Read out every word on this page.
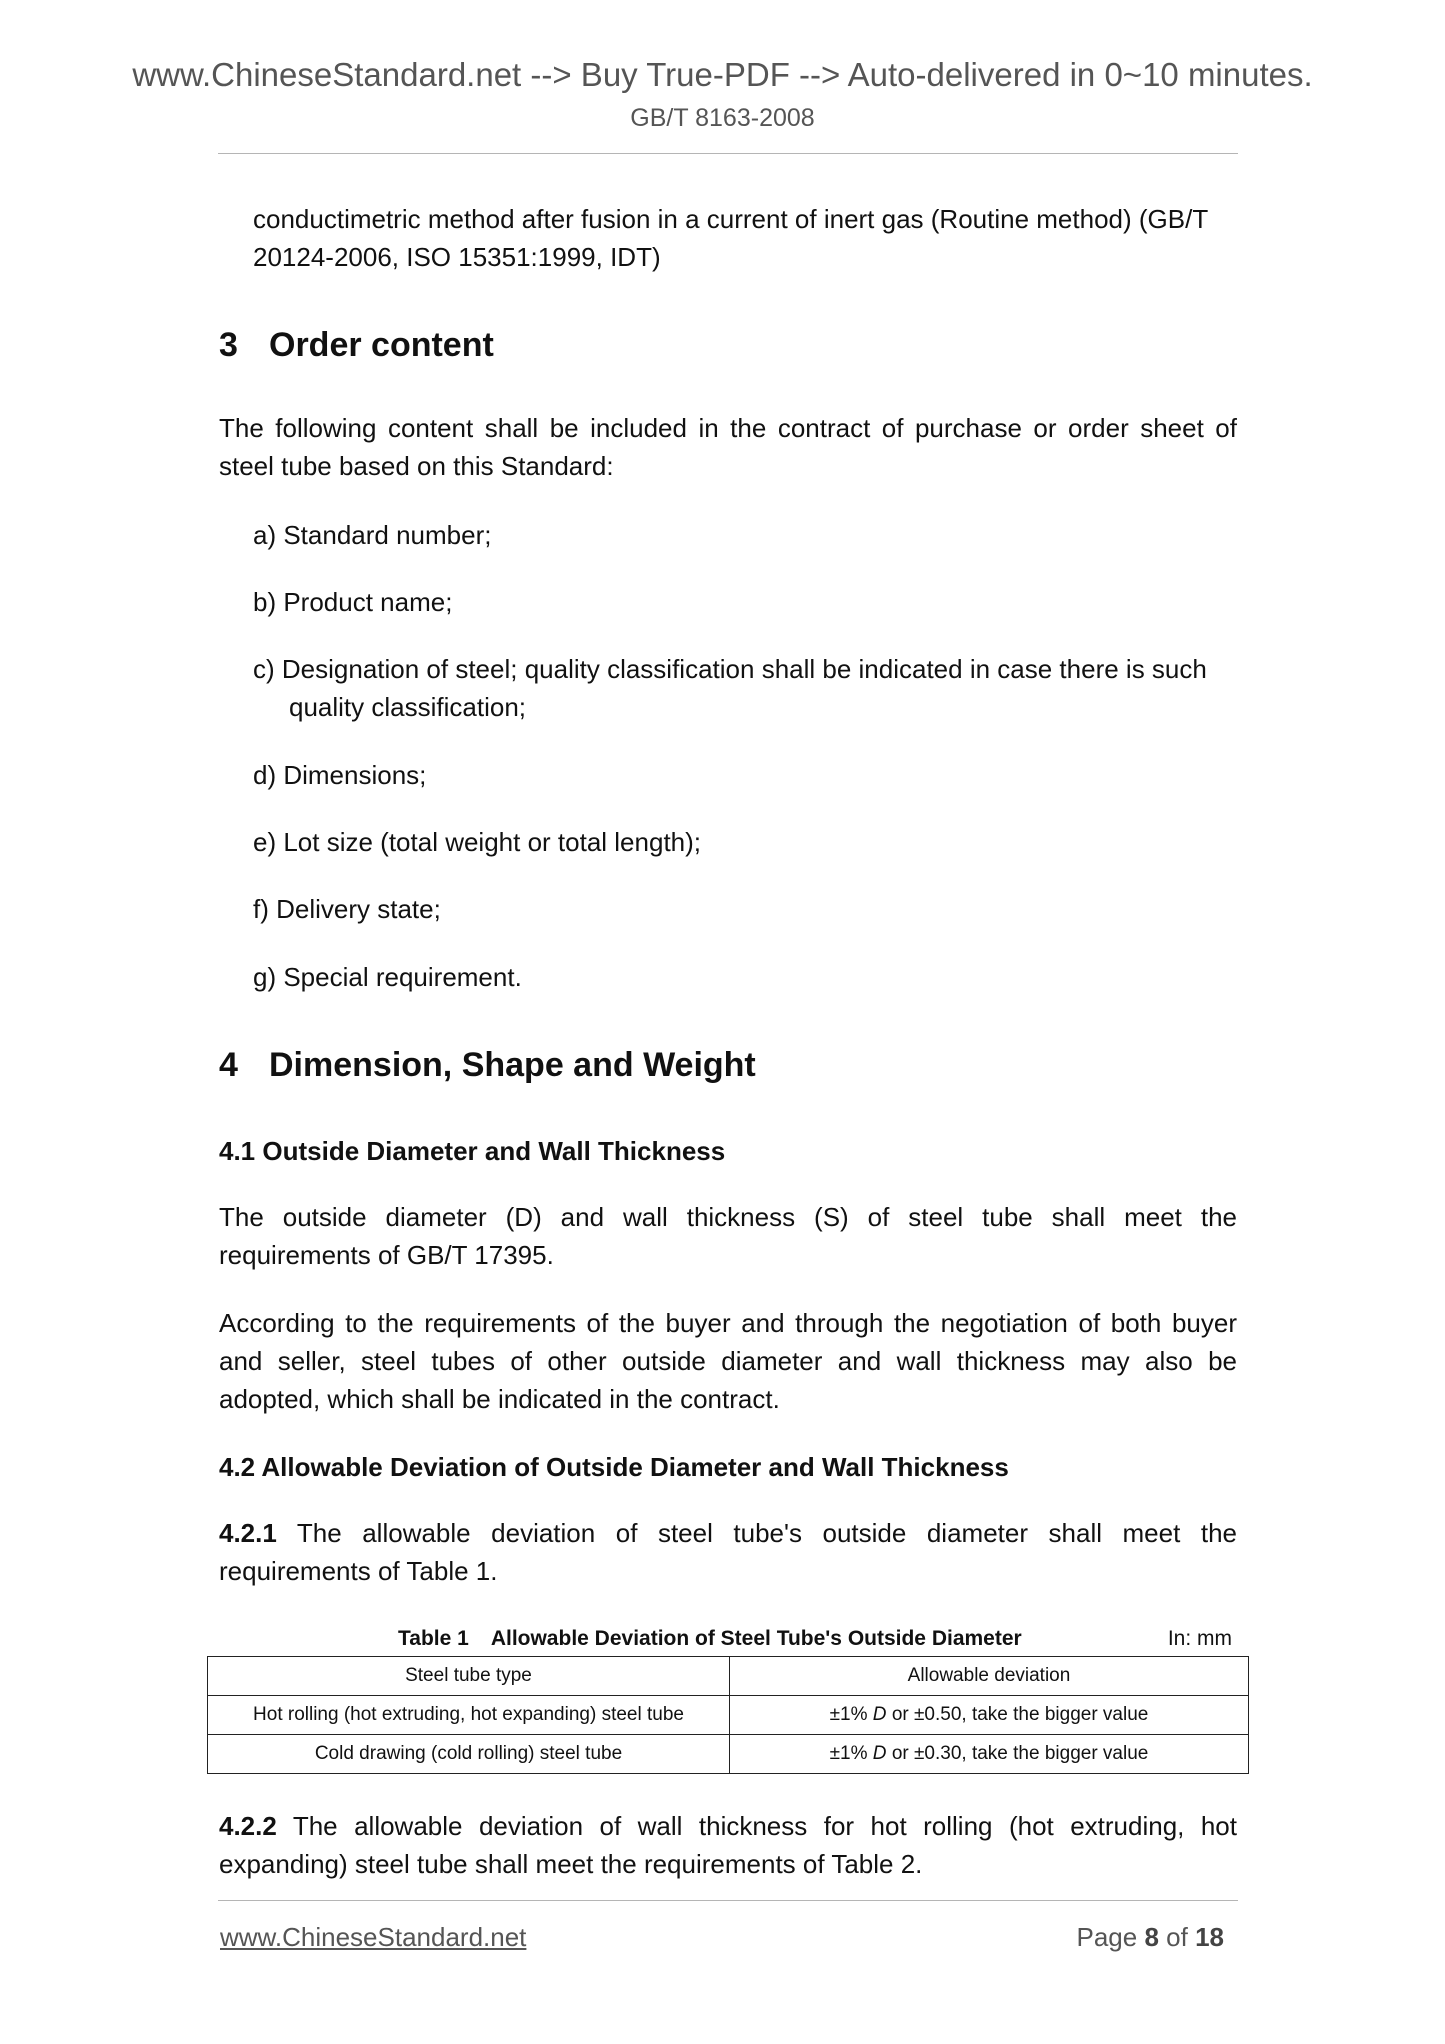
www.ChineseStandard.net --> Buy True-PDF --> Auto-delivered in 0~10 minutes.
GB/T 8163-2008

conductimetric method after fusion in a current of inert gas (Routine method) (GB/T

20124-2006, ISO 15351:1999, IDT)

3 Order content

The following content shall be included in the contract of purchase or order sheet of steel tube based on this Standard:

a) Standard number;

b) Product name;

c) Designation of steel; quality classification shall be indicated in case there is such

quality classification;

d) Dimensions;

e) Lot size (total weight or total length);

f) Delivery state;

g) Special requirement.

4 Dimension, Shape and Weight
4.1 Outside Diameter and Wall Thickness

The outside diameter (D) and wall thickness (S) of steel tube shall meet the requirements of GB/T 17395.

According to the requirements of the buyer and through the negotiation of both buyer and seller, steel tubes of other outside diameter and wall thickness may also be adopted, which shall be indicated in the contract.

4.2 Allowable Deviation of Outside Diameter and Wall Thickness

4.2.1 The allowable deviation of steel tube's outside diameter shall meet the requirements of Table 1.

Table 1 Allowable Deviation of Steel Tube's Outside Diameter	In: mm
Steel tube type	Allowable deviation
Hot rolling (hot extruding, hot expanding) steel tube	±1% D or ±0.50, take the bigger value
Cold drawing (cold rolling) steel tube	±1% D or ±0.30, take the bigger value

4.2.2 The allowable deviation of wall thickness for hot rolling (hot extruding, hot expanding) steel tube shall meet the requirements of Table 2.

www.ChineseStandard.net	Page 8 of 18
